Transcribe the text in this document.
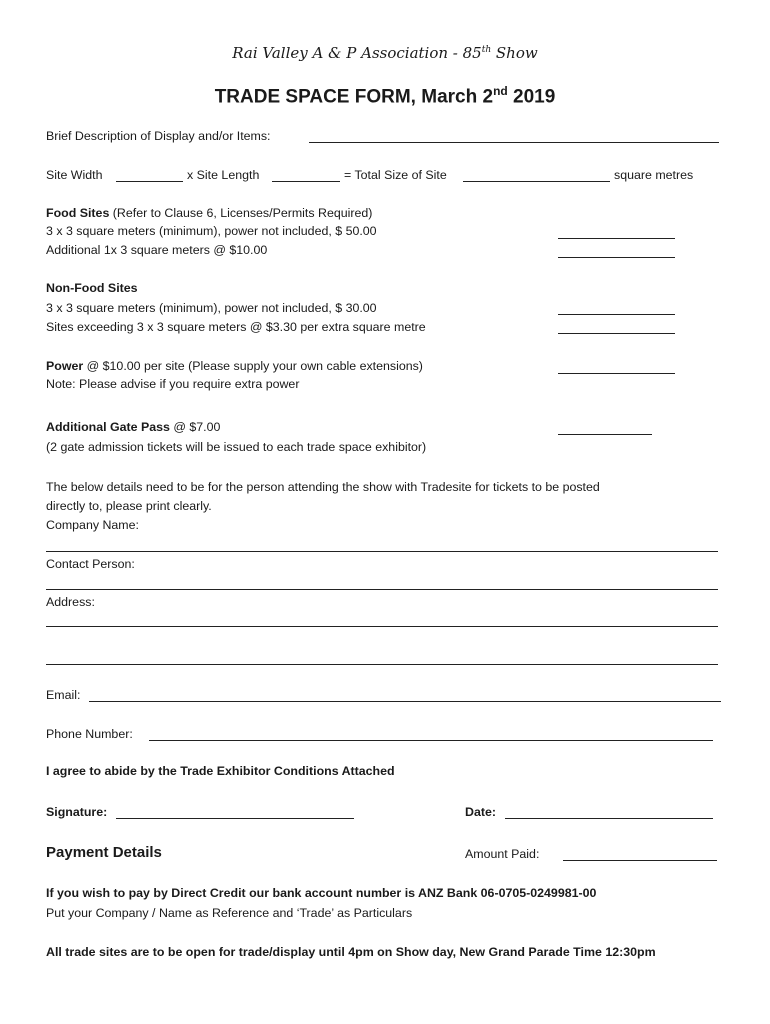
Rai Valley A & P Association - 85th Show
TRADE SPACE FORM, March 2nd 2019
Brief Description of Display and/or Items:
Site Width	x Site Length	= Total Size of Site	square metres
Food Sites (Refer to Clause 6, Licenses/Permits Required)
3 x 3 square meters (minimum), power not included, $ 50.00
Additional 1x 3 square meters @ $10.00
Non-Food Sites
3 x 3 square meters (minimum), power not included, $ 30.00
Sites exceeding 3 x 3 square meters @ $3.30 per extra square metre
Power @ $10.00 per site (Please supply your own cable extensions)
Note: Please advise if you require extra power
Additional Gate Pass @ $7.00
(2 gate admission tickets will be issued to each trade space exhibitor)
The below details need to be for the person attending the show with Tradesite for tickets to be posted
directly to, please print clearly.
Company Name:
Contact Person:
Address:
Email:
Phone Number:
I agree to abide by the Trade Exhibitor Conditions Attached
Signature:	Date:
Payment Details	Amount Paid:
If you wish to pay by Direct Credit our bank account number is ANZ Bank 06-0705-0249981-00
Put your Company / Name as Reference and ‘Trade’ as Particulars
All trade sites are to be open for trade/display until 4pm on Show day, New Grand Parade Time 12:30pm
